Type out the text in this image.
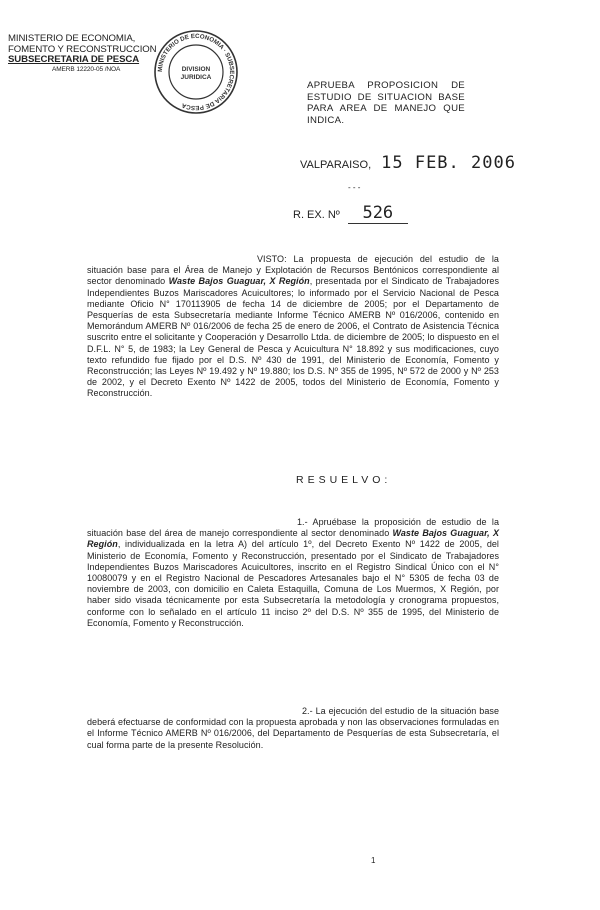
MINISTERIO DE ECONOMIA,
FOMENTO Y RECONSTRUCCION
SUBSECRETARIA DE PESCA
AMERB 12220-05 /NOA	MINISTERIO DE ECONOMIA · SUBSECRETARIA DE PESCA
DIVISION
JURIDICA
APRUEBA PROPOSICION DE ESTUDIO DE SITUACION BASE PARA AREA DE MANEJO QUE INDICA.
VALPARAISO, 15 FEB. 2006
- - -
R. EX. Nº 526
VISTO: La propuesta de ejecución del estudio de la situación base para el Área de Manejo y Explotación de Recursos Bentónicos correspondiente al sector denominado Waste Bajos Guaguar, X Región, presentada por el Sindicato de Trabajadores Independientes Buzos Mariscadores Acuicultores; lo informado por el Servicio Nacional de Pesca mediante Oficio N° 170113905 de fecha 14 de diciembre de 2005; por el Departamento de Pesquerías de esta Subsecretaría mediante Informe Técnico AMERB Nº 016/2006, contenido en Memorándum AMERB Nº 016/2006 de fecha 25 de enero de 2006, el Contrato de Asistencia Técnica suscrito entre el solicitante y Cooperación y Desarrollo Ltda. de diciembre de 2005; lo dispuesto en el D.F.L. N° 5, de 1983; la Ley General de Pesca y Acuicultura N° 18.892 y sus modificaciones, cuyo texto refundido fue fijado por el D.S. Nº 430 de 1991, del Ministerio de Economía, Fomento y Reconstrucción; las Leyes Nº 19.492 y Nº 19.880; los D.S. Nº 355 de 1995, Nº 572 de 2000 y Nº 253 de 2002, y el Decreto Exento Nº 1422 de 2005, todos del Ministerio de Economía, Fomento y Reconstrucción.
RESUELVO:
1.- Apruébase la proposición de estudio de la situación base del área de manejo correspondiente al sector denominado Waste Bajos Guaguar, X Región, individualizada en la letra A) del artículo 1º, del Decreto Exento Nº 1422 de 2005, del Ministerio de Economía, Fomento y Reconstrucción, presentado por el Sindicato de Trabajadores Independientes Buzos Mariscadores Acuicultores, inscrito en el Registro Sindical Único con el N° 10080079 y en el Registro Nacional de Pescadores Artesanales bajo el N° 5305 de fecha 03 de noviembre de 2003, con domicilio en Caleta Estaquilla, Comuna de Los Muermos, X Región, por haber sido visada técnicamente por esta Subsecretaría la metodología y cronograma propuestos, conforme con lo señalado en el artículo 11 inciso 2º del D.S. Nº 355 de 1995, del Ministerio de Economía, Fomento y Reconstrucción.
2.- La ejecución del estudio de la situación base deberá efectuarse de conformidad con la propuesta aprobada y non las observaciones formuladas en el Informe Técnico AMERB Nº 016/2006, del Departamento de Pesquerías de esta Subsecretaría, el cual forma parte de la presente Resolución.
1
